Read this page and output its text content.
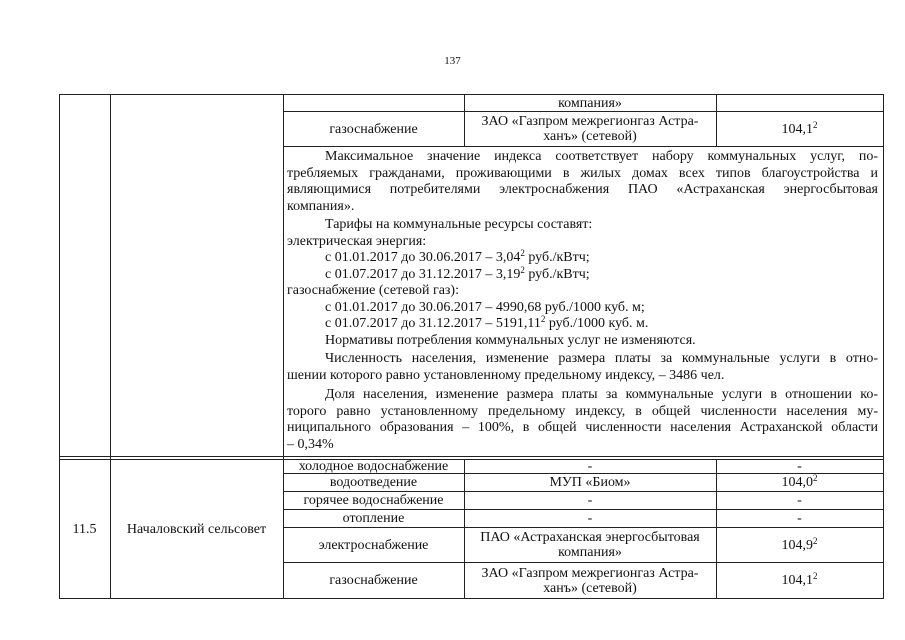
137
компания»
газоснабжение	ЗАО «Газпром межрегионгаз Астра-ханъ» (сетевой)	104,1$^2$
Максимальное значение индекса соответствует набору коммунальных услуг, по-
требляемых гражданами, проживающими в жилых домах всех типов благоустройства и
являющимися потребителями электроснабжения ПАО «Астраханская энергосбытовая
компания».
Тарифы на коммунальные ресурсы составят:
электрическая энергия:
с 01.01.2017 до 30.06.2017 – 3,04$^2$ руб./кВтч;
с 01.07.2017 до 31.12.2017 – 3,19$^2$ руб./кВтч;
газоснабжение (сетевой газ):
с 01.01.2017 до 30.06.2017 – 4990,68 руб./1000 куб. м;
с 01.07.2017 до 31.12.2017 – 5191,11$^2$ руб./1000 куб. м.
Нормативы потребления коммунальных услуг не изменяются.
Численность населения, изменение размера платы за коммунальные услуги в отно-
шении которого равно установленному предельному индексу, – 3486 чел.
Доля населения, изменение размера платы за коммунальные услуги в отношении ко-
торого равно установленному предельному индексу, в общей численности населения му-
ниципального образования – 100%, в общей численности населения Астраханской области
– 0,34%
11.5 Началовский сельсовет
холодное водоснабжение	-	-
водоотведение	МУП «Биом»	104,0$^2$
горячее водоснабжение	-	-
отопление	-	-
электроснабжение	ПАО «Астраханская энергосбытовая компания»	104,9$^2$
газоснабжение	ЗАО «Газпром межрегионгаз Астра-ханъ» (сетевой)	104,1$^2$
